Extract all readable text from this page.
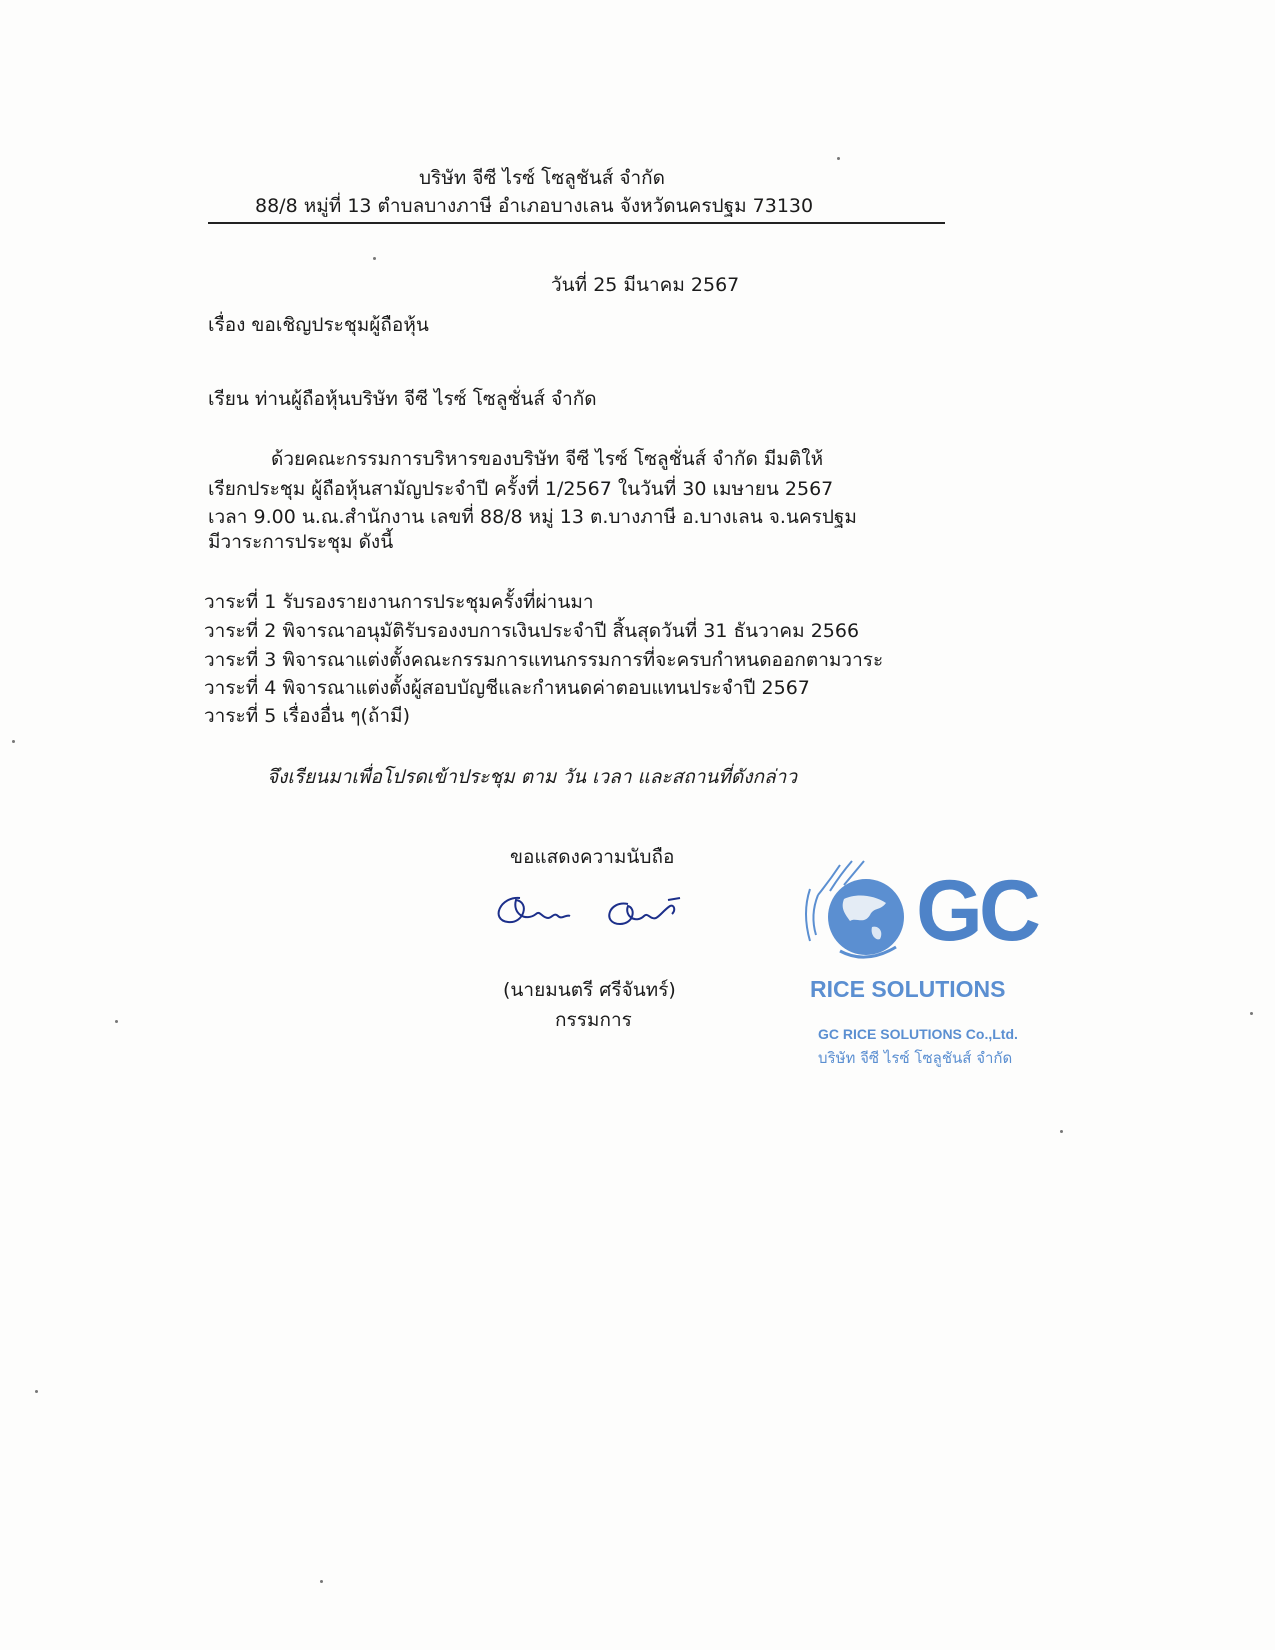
บริษัท จีซี ไรซ์ โซลูชันส์ จำกัด
88/8 หมู่ที่ 13 ตำบลบางภาษี อำเภอบางเลน จังหวัดนครปฐม 73130
วันที่ 25 มีนาคม 2567
เรื่อง ขอเชิญประชุมผู้ถือหุ้น
เรียน ท่านผู้ถือหุ้นบริษัท จีซี ไรซ์ โซลูชั่นส์ จำกัด
ด้วยคณะกรรมการบริหารของบริษัท จีซี ไรซ์ โซลูชั่นส์ จำกัด มีมติให้
เรียกประชุม ผู้ถือหุ้นสามัญประจำปี ครั้งที่ 1/2567 ในวันที่ 30 เมษายน 2567
เวลา 9.00 น.ณ.สำนักงาน เลขที่ 88/8 หมู่ 13 ต.บางภาษี อ.บางเลน จ.นครปฐม
มีวาระการประชุม ดังนี้
วาระที่ 1 รับรองรายงานการประชุมครั้งที่ผ่านมา
วาระที่ 2 พิจารณาอนุมัติรับรองงบการเงินประจำปี สิ้นสุดวันที่ 31 ธันวาคม 2566
วาระที่ 3 พิจารณาแต่งตั้งคณะกรรมการแทนกรรมการที่จะครบกำหนดออกตามวาระ
วาระที่ 4 พิจารณาแต่งตั้งผู้สอบบัญชีและกำหนดค่าตอบแทนประจำปี 2567
วาระที่ 5 เรื่องอื่น ๆ(ถ้ามี)
จึงเรียนมาเพื่อโปรดเข้าประชุม ตาม วัน เวลา และสถานที่ดังกล่าว
ขอแสดงความนับถือ
(นายมนตรี ศรีจันทร์)
กรรมการ
GC
RICE SOLUTIONS
GC RICE SOLUTIONS Co.,Ltd.
บริษัท จีซี ไรซ์ โซลูชันส์ จำกัด
